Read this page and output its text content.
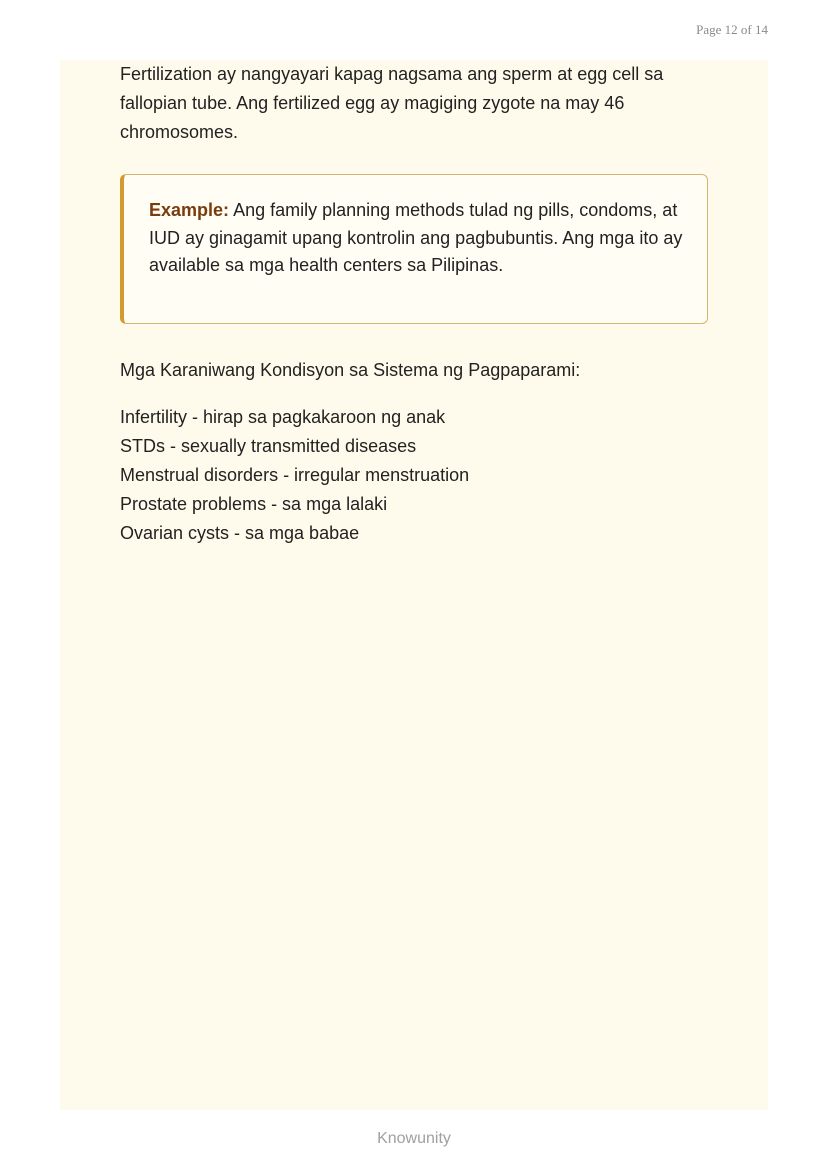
Page 12 of 14

Fertilization ay nangyayari kapag nagsama ang sperm at egg cell sa fallopian tube. Ang fertilized egg ay magiging zygote na may 46 chromosomes.

Example: Ang family planning methods tulad ng pills, condoms, at IUD ay ginagamit upang kontrolin ang pagbubuntis. Ang mga ito ay available sa mga health centers sa Pilipinas.

Mga Karaniwang Kondisyon sa Sistema ng Pagpaparami:

Infertility - hirap sa pagkakaroon ng anak
STDs - sexually transmitted diseases
Menstrual disorders - irregular menstruation
Prostate problems - sa mga lalaki
Ovarian cysts - sa mga babae
Knowunity
